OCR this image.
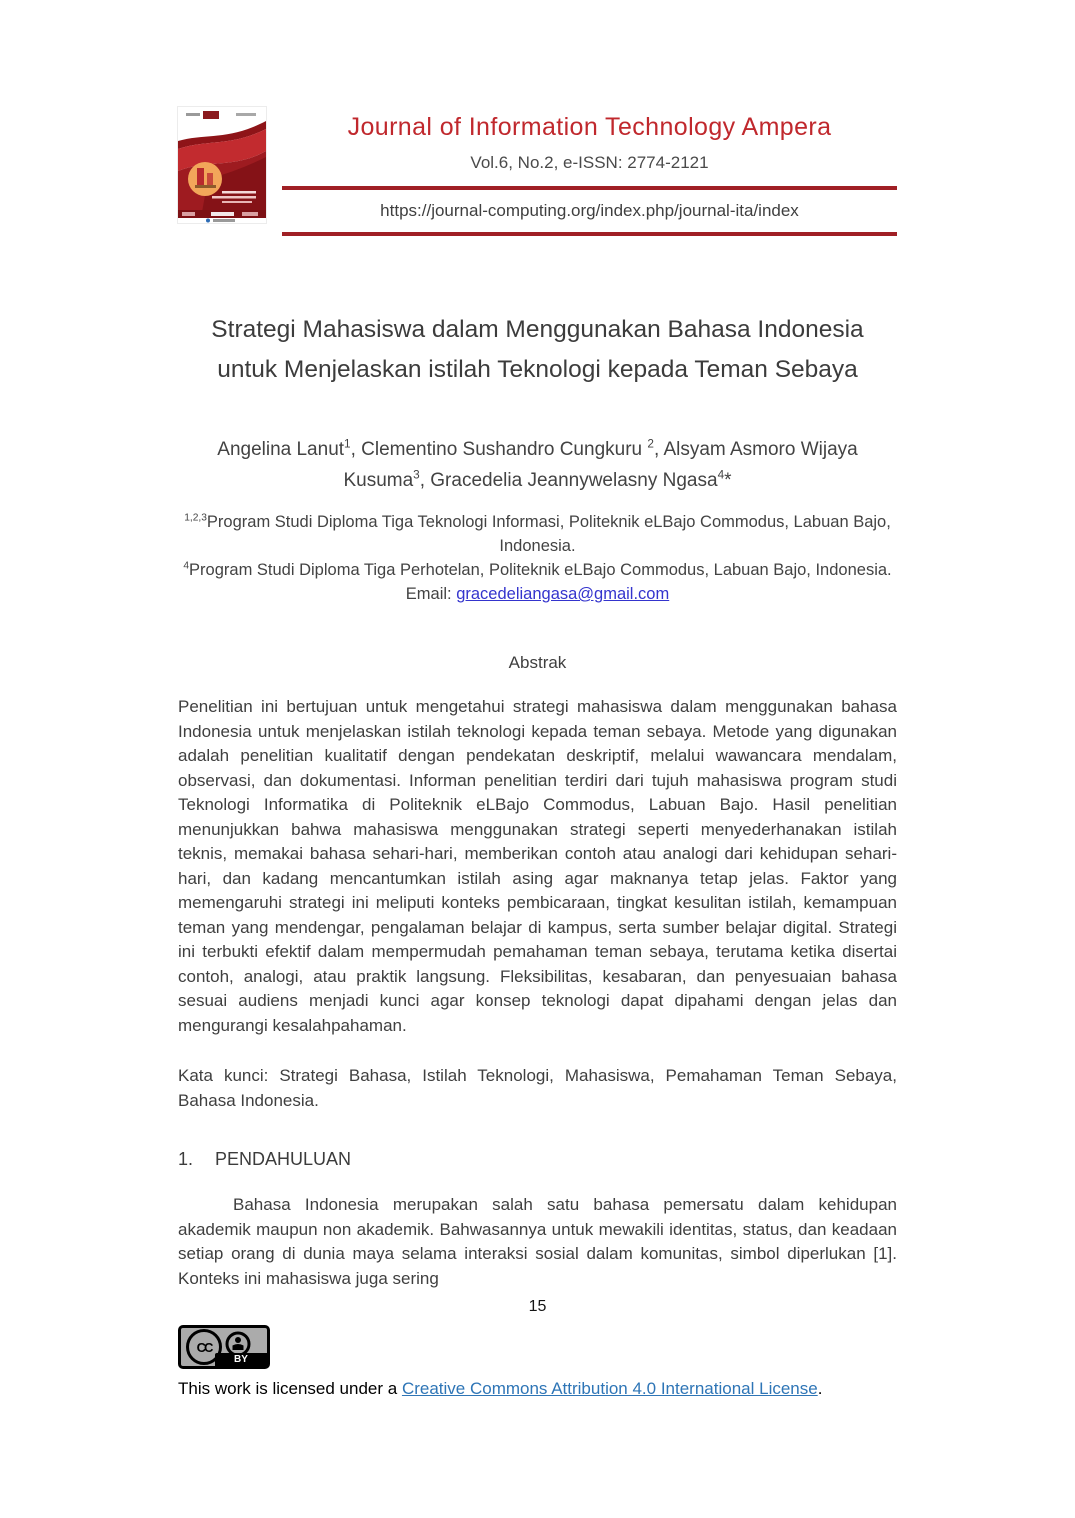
Journal of Information Technology Ampera
Vol.6, No.2, e-ISSN: 2774-2121
https://journal-computing.org/index.php/journal-ita/index
Strategi Mahasiswa dalam Menggunakan Bahasa Indonesia untuk Menjelaskan istilah Teknologi kepada Teman Sebaya
Angelina Lanut$^1$, Clementino Sushandro Cungkuru $^2$, Alsyam Asmoro Wijaya Kusuma$^3$, Gracedelia Jeannywelasny Ngasa$^4$*
$^{1,2,3}$Program Studi Diploma Tiga Teknologi Informasi, Politeknik eLBajo Commodus, Labuan Bajo, Indonesia.
$^4$Program Studi Diploma Tiga Perhotelan, Politeknik eLBajo Commodus, Labuan Bajo, Indonesia.
Email: gracedeliangasa@gmail.com
Abstrak
Penelitian ini bertujuan untuk mengetahui strategi mahasiswa dalam menggunakan bahasa Indonesia untuk menjelaskan istilah teknologi kepada teman sebaya. Metode yang digunakan adalah penelitian kualitatif dengan pendekatan deskriptif, melalui wawancara mendalam, observasi, dan dokumentasi. Informan penelitian terdiri dari tujuh mahasiswa program studi Teknologi Informatika di Politeknik eLBajo Commodus, Labuan Bajo. Hasil penelitian menunjukkan bahwa mahasiswa menggunakan strategi seperti menyederhanakan istilah teknis, memakai bahasa sehari-hari, memberikan contoh atau analogi dari kehidupan sehari-hari, dan kadang mencantumkan istilah asing agar maknanya tetap jelas. Faktor yang memengaruhi strategi ini meliputi konteks pembicaraan, tingkat kesulitan istilah, kemampuan teman yang mendengar, pengalaman belajar di kampus, serta sumber belajar digital. Strategi ini terbukti efektif dalam mempermudah pemahaman teman sebaya, terutama ketika disertai contoh, analogi, atau praktik langsung. Fleksibilitas, kesabaran, dan penyesuaian bahasa sesuai audiens menjadi kunci agar konsep teknologi dapat dipahami dengan jelas dan mengurangi kesalahpahaman.
Kata kunci: Strategi Bahasa, Istilah Teknologi, Mahasiswa, Pemahaman Teman Sebaya, Bahasa Indonesia.
1. PENDAHULUAN
Bahasa Indonesia merupakan salah satu bahasa pemersatu dalam kehidupan akademik maupun non akademik. Bahwasannya untuk mewakili identitas, status, dan keadaan setiap orang di dunia maya selama interaksi sosial dalam komunitas, simbol diperlukan [1]. Konteks ini mahasiswa juga sering
15
CC
BY
This work is licensed under a Creative Commons Attribution 4.0 International License.
